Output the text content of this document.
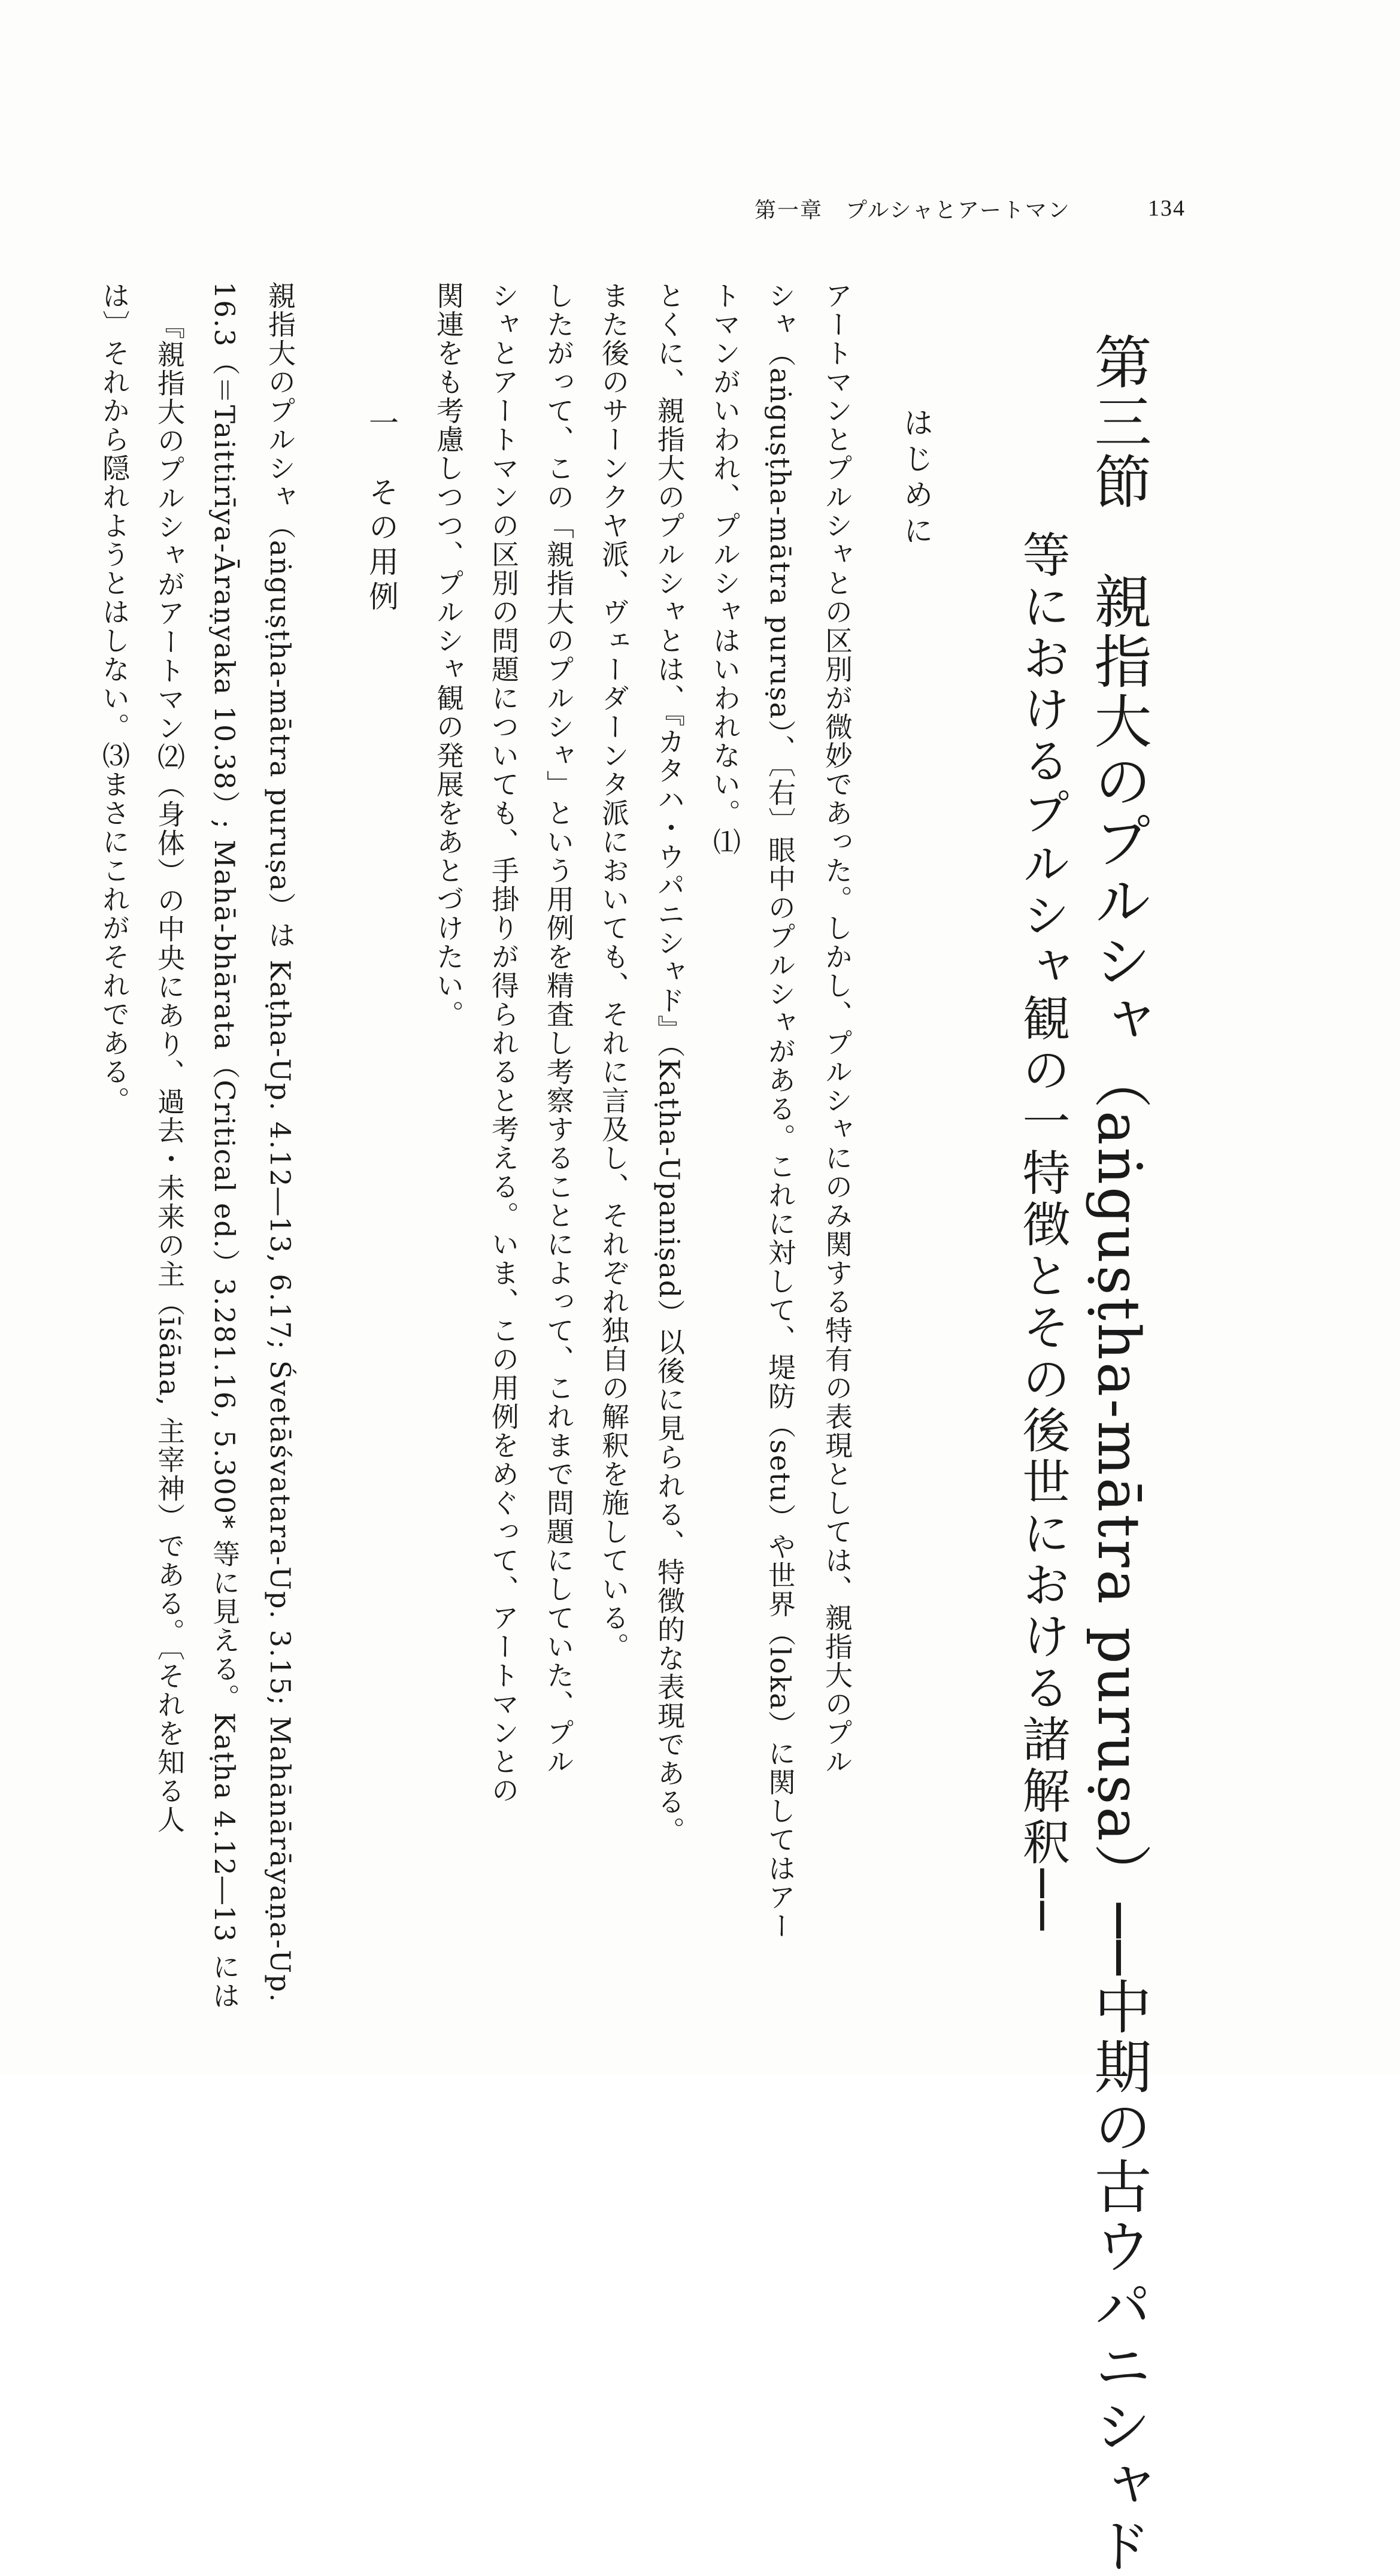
第一章　プルシャとアートマン	134
第三節　親指大のプルシャ（aṅguṣṭha-mātra puruṣa）──中期の古ウパニシャド
等におけるプルシャ観の一特徴とその後世における諸解釈──
はじめに
アートマンとプルシャとの区別が微妙であった。しかし、プルシャにのみ関する特有の表現としては、親指大のプル
シャ（aṅguṣṭha-mātra puruṣa）、〔右〕眼中のプルシャがある。これに対して、堤防（setu）や世界（loka）に関してはアー
トマンがいわれ、プルシャはいわれない。⑴
とくに、親指大のプルシャとは、『カタハ・ウパニシャド』（Kaṭha-Upaniṣad）以後に見られる、特徴的な表現である。
また後のサーンクヤ派、ヴェーダーンタ派においても、それに言及し、それぞれ独自の解釈を施している。
したがって、この「親指大のプルシャ」という用例を精査し考察することによって、これまで問題にしていた、プル
シャとアートマンの区別の問題についても、手掛りが得られると考える。いま、この用例をめぐって、アートマンとの
関連をも考慮しつつ、プルシャ観の発展をあとづけたい。
一　その用例
親指大のプルシャ（aṅguṣṭha-mātra puruṣa）は Kaṭha-Up. 4.12―13, 6.17; Śvetāśvatara-Up. 3.15; Mahānārāyaṇa-Up.
16.3（＝Taittirīya-Āraṇyaka 10.38）; Mahā-bhārata（Critical ed.）3.281.16, 5.300* 等に見える。Kaṭha 4.12―13 には
『親指大のプルシャがアートマン⑵（身体）の中央にあり、過去・未来の主（īśāna, 主宰神）である。〔それを知る人
は〕それから隠れようとはしない。⑶まさにこれがそれである。
